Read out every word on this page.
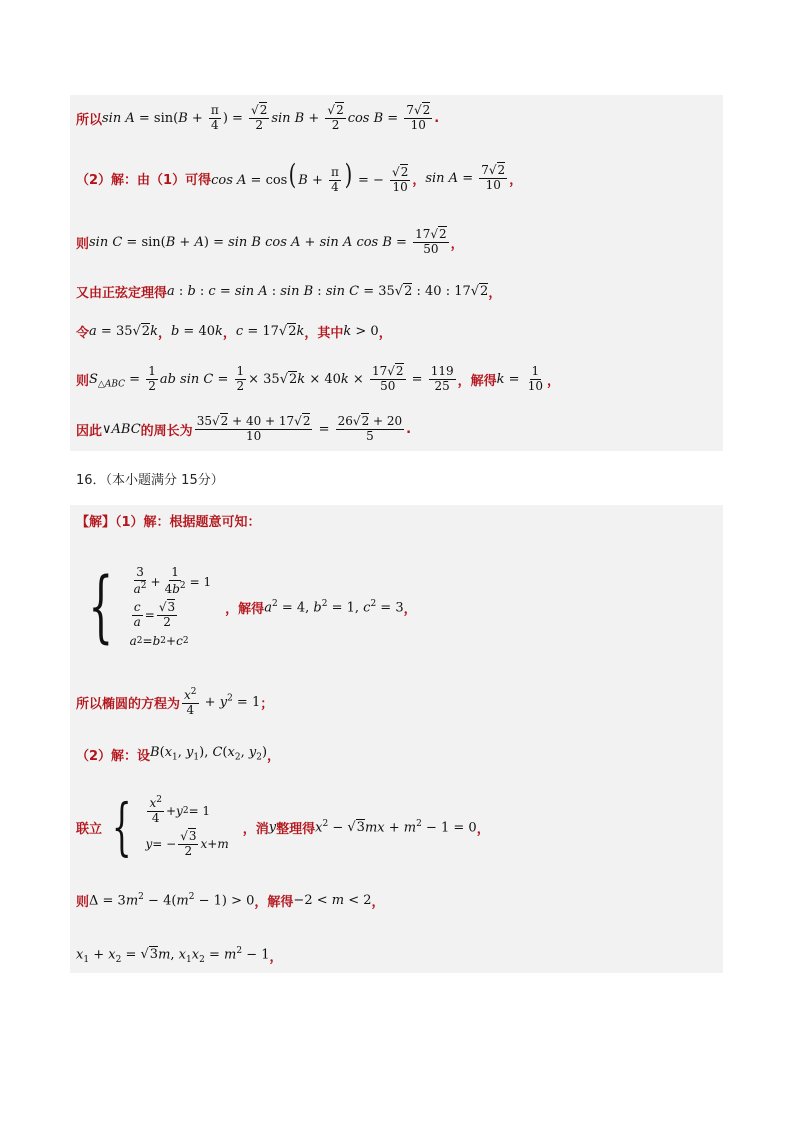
所以 $\sin A = \sin(B + \frac{\pi}{4}$ ) = $\frac{√2}{2}$ $\sin B + \frac{√2}{2}$ $\cos B = \frac{7√2}{10}$ .
（2）解：由（1）可得 cos A = cos( $B + \frac{\pi}{4}$ ) = − $\frac{√2}{10}$ ， $\sin A = \frac{7√2}{10}$ ，
则 sin C = sin(B + A) = sin B cos A + sin A $\cos B = \frac{17√2}{50}$ ，
又由正弦定理得 a : b : c = sin A : sin B : sin C = 35√2 : 40 : 17√2 ，
令 a = 35√2k ， b = 40k ， c = 17√2k ，其中 k > 0 ，
则 $S_{\triangle ABC} = \frac{1}{2}$ ab $\sin C = \frac{1}{2} \times 35√2k \times 40k \times \frac{17√2}{50} = \frac{119}{25}$ ，解得 $k = \frac{1}{10}$ ，
因此 ∨ABC 的周长为 $\frac{35√2 + 40 + 17√2}{10} = \frac{26√2 + 20}{5}$ .
16．（本小题满分 15分）
【解】（1）解：根据题意可知：
{ $\frac{3}{a^2} + \frac{1}{4b^2} = 1$
$\frac{c}{a} = \frac{√3}{2}$
a 2 = b 2 + c 2
，解得 $a^2 = 4$, $b^2 = 1$, $c^2 = 3$ ，
所以椭圆的方程为 $\frac{x^2}{4} + y^2 = 1$ ；
（2）解：设 $B(x_1$, $y_1$), $C(x_2$, $y_2$) ，
联立 { $\frac{x^2}{4} + y$ 2 = 1
y = − $\frac{√3}{2}$ x + m
，消 y 整理得 $x^2 - √3mx + m^2 - 1 = 0$ ，
则 $\Delta = 3m^2 - 4(m^2 - 1) > 0$ ，解得 −2 < m < 2 ，
$x_1 + x_2 = √3m$, $x_1x_2 = m^2 - 1$ ，
